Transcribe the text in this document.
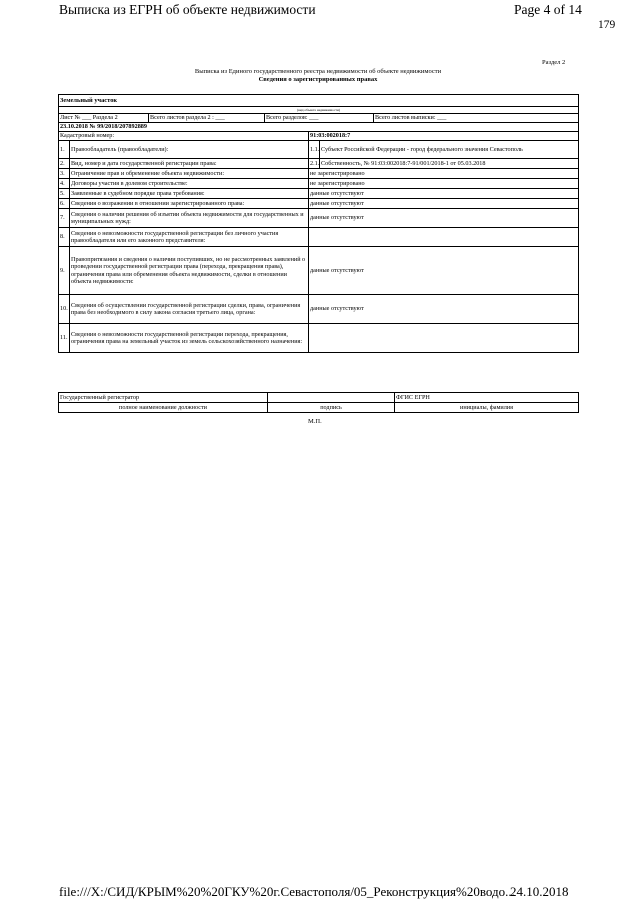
Выписка из ЕГРН об объекте недвижимости	Page 4 of 14
179
Раздел 2
Выписка из Единого государственного реестра недвижимости об объекте недвижимости
Сведения о зарегистрированных правах
Земельный участок						
(вид объекта недвижимости)						
Лист № ___ Раздела 2		Всего листов раздела 2 : ___	Всего разделов: ___			Всего листов выписки: ___
23.10.2018 № 99/2018/207892889						
Кадастровый номер:				91:03:002018:7		
1.	Правообладатель (правообладатели):			1.1.	Субъект Российской Федерации - город федерального значения Севастополь	
2.	Вид, номер и дата государственной регистрации права:			2.1.	Собственность, № 91:03:002018:7-91/001/2018-1 от 05.03.2018	
3.	Ограничение прав и обременение объекта недвижимости:			не зарегистрировано		
4.	Договоры участия в долевом строительстве:			не зарегистрировано		
5.	Заявленные в судебном порядке права требования:			данные отсутствуют		
6.	Сведения о возражении в отношении зарегистрированного права:			данные отсутствуют		
7.	Сведения о наличии решения об изъятии объекта недвижимости для государственных и муниципальных нужд:			данные отсутствуют		
8.	Сведения о невозможности государственной регистрации без личного участия правообладателя или его законного представителя:					
9.	Правопритязания и сведения о наличии поступивших, но не рассмотренных заявлений о проведении государственной регистрации права (перехода, прекращения права), ограничения права или обременения объекта недвижимости, сделки в отношении объекта недвижимости:			данные отсутствуют		
10.	Сведения об осуществлении государственной регистрации сделки, права, ограничения права без необходимого в силу закона согласия третьего лица, органа:			данные отсутствуют		
11.	Сведения о невозможности государственной регистрации перехода, прекращения, ограничения права на земельный участок из земель сельскохозяйственного назначения:					
Государственный регистратор		ФГИС ЕГРН
полное наименование должности	подпись	инициалы, фамилия
М.П.
file:///X:/СИД/КРЫМ%20%20ГКУ%20г.Севастополя/05_Реконструкция%20водо...
24.10.2018
